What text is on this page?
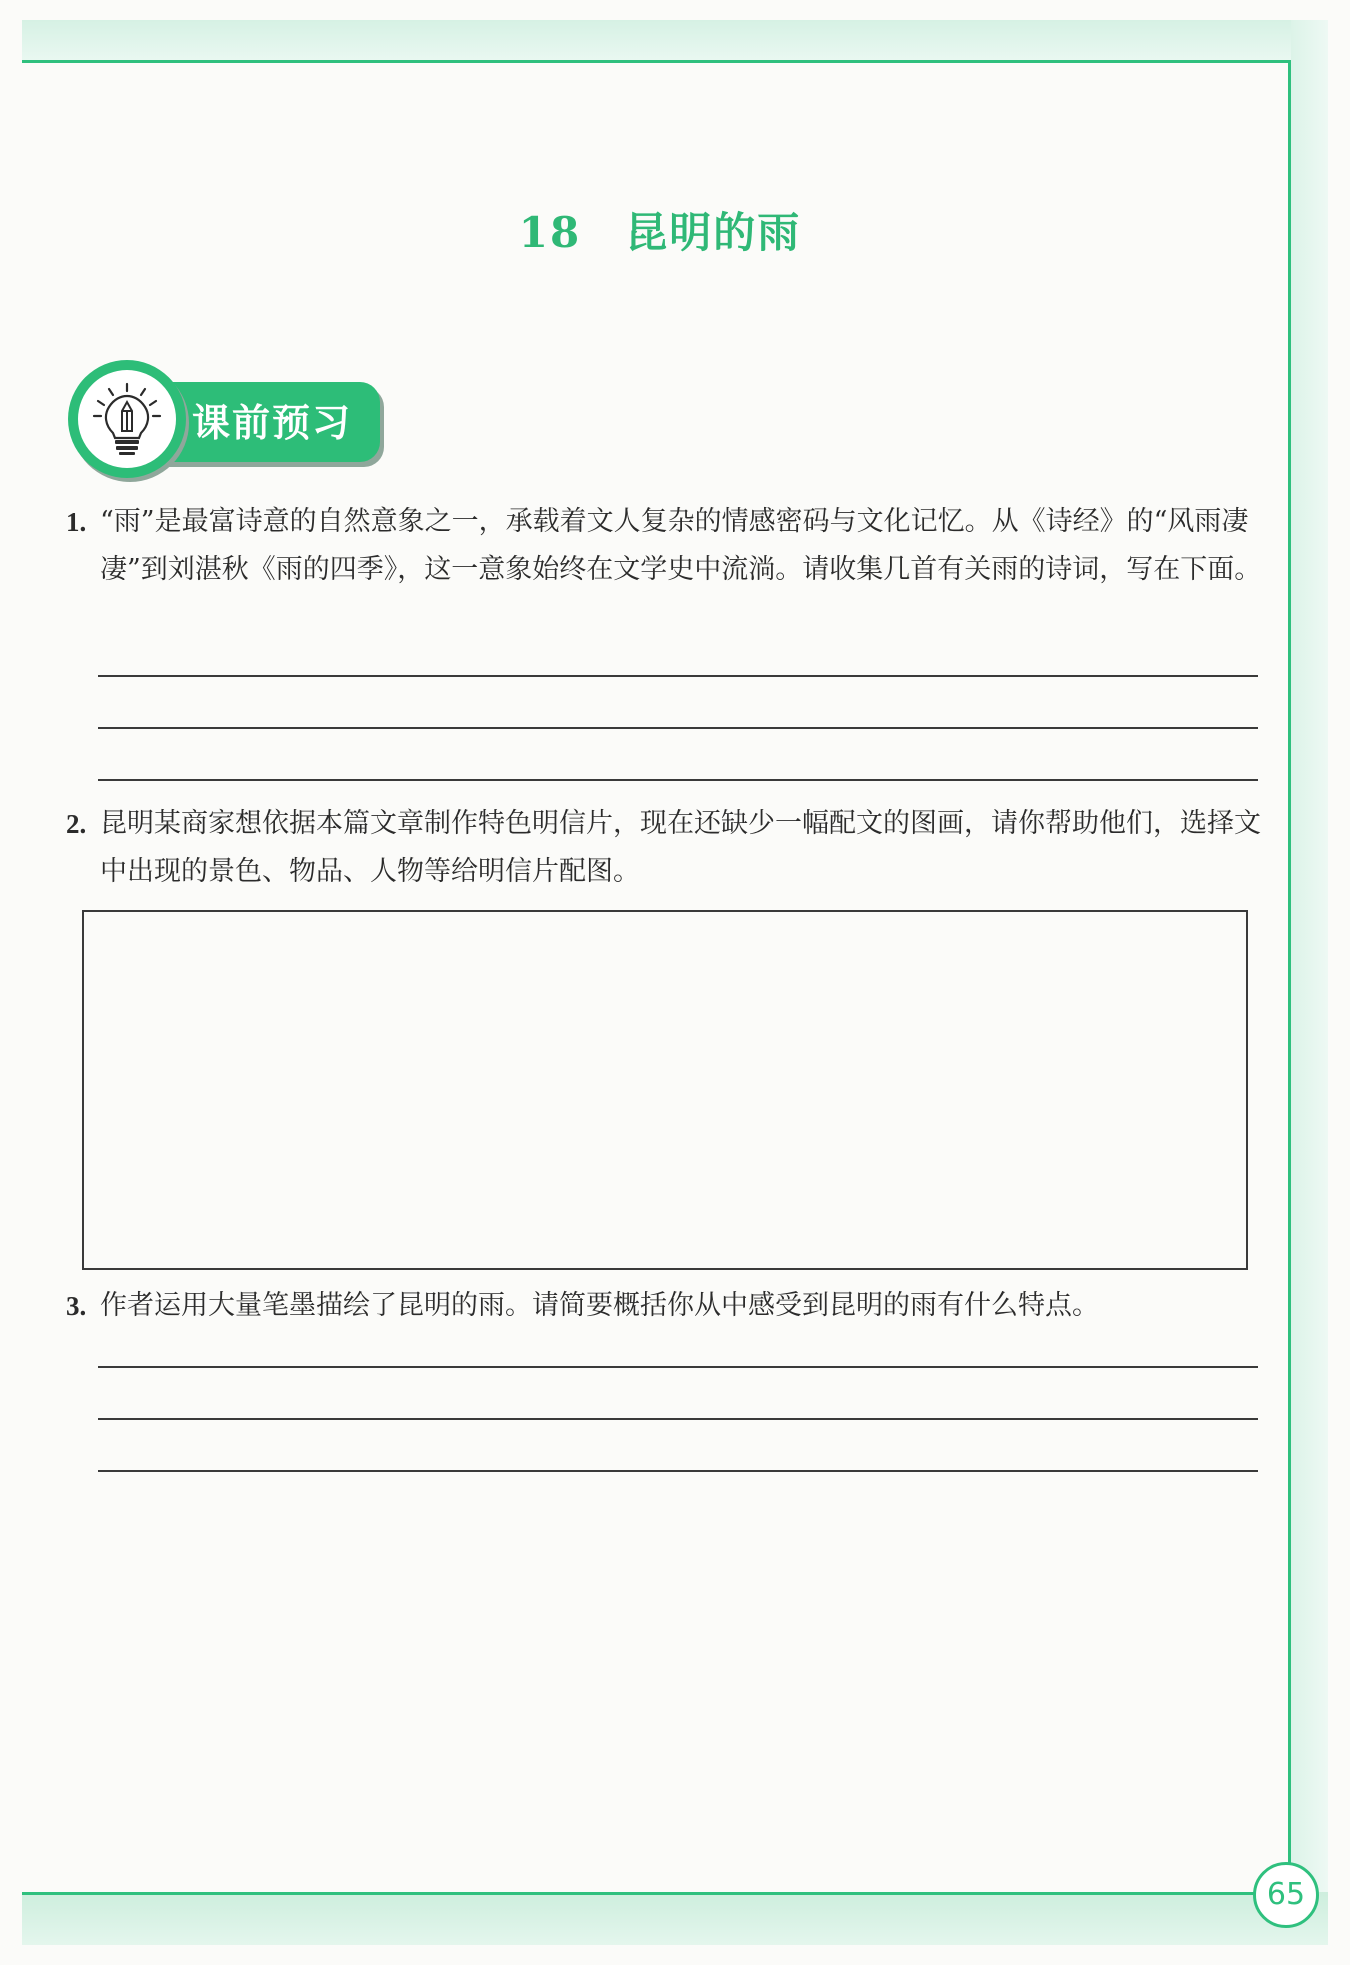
18 昆明的雨
课前预习
1. “雨”是最富诗意的自然意象之一，承载着文人复杂的情感密码与文化记忆。从《诗经》的“风雨凄凄”到刘湛秋《雨的四季》，这一意象始终在文学史中流淌。请收集几首有关雨的诗词，写在下面。
2. 昆明某商家想依据本篇文章制作特色明信片，现在还缺少一幅配文的图画，请你帮助他们，选择文中出现的景色、物品、人物等给明信片配图。
3. 作者运用大量笔墨描绘了昆明的雨。请简要概括你从中感受到昆明的雨有什么特点。
65
